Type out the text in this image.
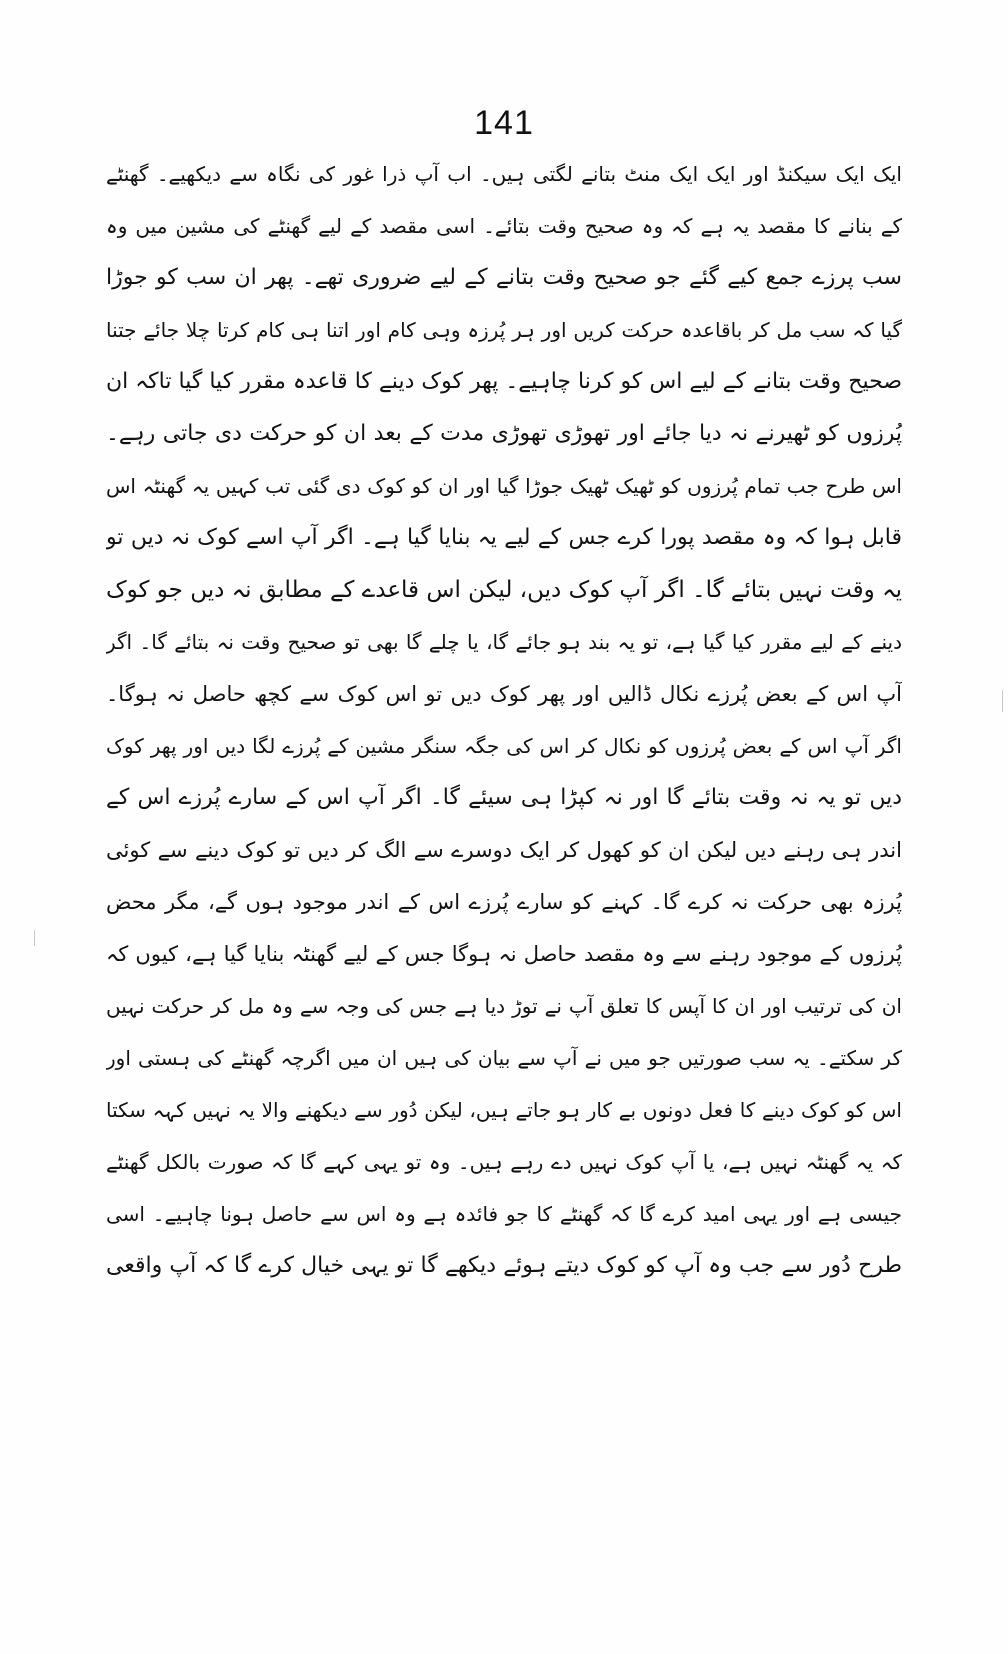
141
ایک ایک سیکنڈ اور ایک ایک منٹ بتانے لگتی ہیں۔ اب آپ ذرا غور کی نگاہ سے دیکھیے۔ گھنٹے
کے بنانے کا مقصد یہ ہے کہ وہ صحیح وقت بتائے۔ اسی مقصد کے لیے گھنٹے کی مشین میں وہ
سب پرزے جمع کیے گئے جو صحیح وقت بتانے کے لیے ضروری تھے۔ پھر ان سب کو جوڑا
گیا کہ سب مل کر باقاعدہ حرکت کریں اور ہر پُرزہ وہی کام اور اتنا ہی کام کرتا چلا جائے جتنا
صحیح وقت بتانے کے لیے اس کو کرنا چاہیے۔ پھر کوک دینے کا قاعدہ مقرر کیا گیا تاکہ ان
پُرزوں کو ٹھیرنے نہ دیا جائے اور تھوڑی تھوڑی مدت کے بعد ان کو حرکت دی جاتی رہے۔
اس طرح جب تمام پُرزوں کو ٹھیک ٹھیک جوڑا گیا اور ان کو کوک دی گئی تب کہیں یہ گھنٹہ اس
قابل ہوا کہ وہ مقصد پورا کرے جس کے لیے یہ بنایا گیا ہے۔ اگر آپ اسے کوک نہ دیں تو
یہ وقت نہیں بتائے گا۔ اگر آپ کوک دیں، لیکن اس قاعدے کے مطابق نہ دیں جو کوک
دینے کے لیے مقرر کیا گیا ہے، تو یہ بند ہو جائے گا، یا چلے گا بھی تو صحیح وقت نہ بتائے گا۔ اگر
آپ اس کے بعض پُرزے نکال ڈالیں اور پھر کوک دیں تو اس کوک سے کچھ حاصل نہ ہوگا۔
اگر آپ اس کے بعض پُرزوں کو نکال کر اس کی جگہ سنگر مشین کے پُرزے لگا دیں اور پھر کوک
دیں تو یہ نہ وقت بتائے گا اور نہ کپڑا ہی سیئے گا۔ اگر آپ اس کے سارے پُرزے اس کے
اندر ہی رہنے دیں لیکن ان کو کھول کر ایک دوسرے سے الگ کر دیں تو کوک دینے سے کوئی
پُرزہ بھی حرکت نہ کرے گا۔ کہنے کو سارے پُرزے اس کے اندر موجود ہوں گے، مگر محض
پُرزوں کے موجود رہنے سے وہ مقصد حاصل نہ ہوگا جس کے لیے گھنٹہ بنایا گیا ہے، کیوں کہ
ان کی ترتیب اور ان کا آپس کا تعلق آپ نے توڑ دیا ہے جس کی وجہ سے وہ مل کر حرکت نہیں
کر سکتے۔ یہ سب صورتیں جو میں نے آپ سے بیان کی ہیں ان میں اگرچہ گھنٹے کی ہستی اور
اس کو کوک دینے کا فعل دونوں بے کار ہو جاتے ہیں، لیکن دُور سے دیکھنے والا یہ نہیں کہہ سکتا
کہ یہ گھنٹہ نہیں ہے، یا آپ کوک نہیں دے رہے ہیں۔ وہ تو یہی کہے گا کہ صورت بالکل گھنٹے
جیسی ہے اور یہی امید کرے گا کہ گھنٹے کا جو فائدہ ہے وہ اس سے حاصل ہونا چاہیے۔ اسی
طرح دُور سے جب وہ آپ کو کوک دیتے ہوئے دیکھے گا تو یہی خیال کرے گا کہ آپ واقعی
